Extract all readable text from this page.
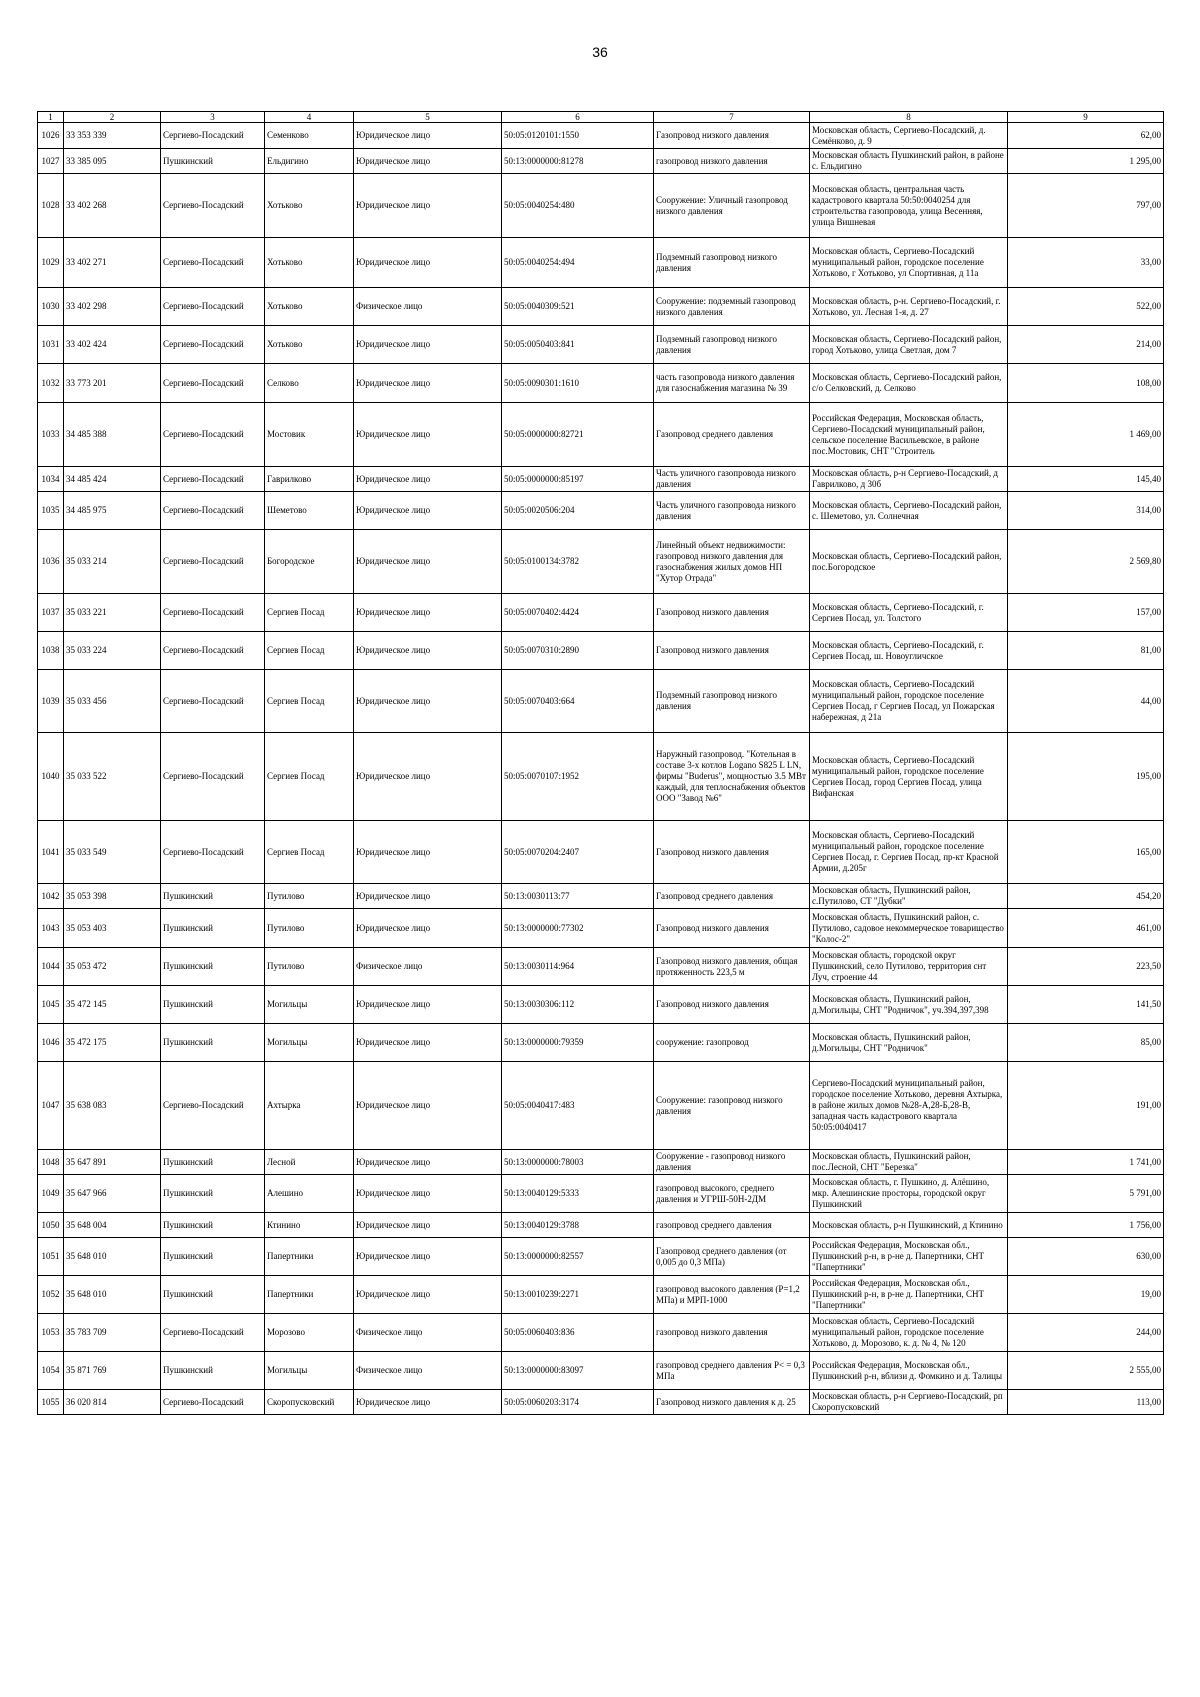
36
1	2	3	4	5	6	7	8	9
1026	33 353 339	Сергиево-Посадский	Семенково	Юридическое лицо	50:05:0120101:1550	Газопровод низкого давления	Московская область, Сергиево-Посадский, д. Семёнково, д. 9	62,00
1027	33 385 095	Пушкинский	Ельдигино	Юридическое лицо	50:13:0000000:81278	газопровод низкого давления	Московская область Пушкинский район, в районе с. Ельдигино	1 295,00
1028	33 402 268	Сергиево-Посадский	Хотьково	Юридическое лицо	50:05:0040254:480	Сооружение: Уличный газопровод низкого давления	Московская область, центральная часть кадастрового квартала 50:50:0040254 для строительства газопровода, улица Весенняя, улица Вишневая	797,00
1029	33 402 271	Сергиево-Посадский	Хотьково	Юридическое лицо	50:05:0040254:494	Подземный газопровод низкого давления	Московская область, Сергиево-Посадский муниципальный район, городское поселение Хотьково, г Хотьково, ул Спортивная, д 11а	33,00
1030	33 402 298	Сергиево-Посадский	Хотьково	Физическое лицо	50:05:0040309:521	Сооружение: подземный газопровод низкого давления	Московская область, р-н. Сергиево-Посадский, г. Хотьково, ул. Лесная 1-я, д. 27	522,00
1031	33 402 424	Сергиево-Посадский	Хотьково	Юридическое лицо	50:05:0050403:841	Подземный газопровод низкого давления	Московская область, Сергиево-Посадский район, город Хотьково, улица Светлая, дом 7	214,00
1032	33 773 201	Сергиево-Посадский	Селково	Юридическое лицо	50:05:0090301:1610	часть газопровода низкого давления для газоснабжения магазина № 39	Московская область, Сергиево-Посадский район, с/о Селковский, д. Селково	108,00
1033	34 485 388	Сергиево-Посадский	Мостовик	Юридическое лицо	50:05:0000000:82721	Газопровод среднего давления	Российская Федерация, Московская область, Сергиево-Посадский муниципальный район, сельское поселение Васильевское, в районе пос.Мостовик, СНТ "Строитель	1 469,00
1034	34 485 424	Сергиево-Посадский	Гаврилково	Юридическое лицо	50:05:0000000:85197	Часть уличного газопровода низкого давления	Московская область, р-н Сергиево-Посадский, д Гаврилково, д 30б	145,40
1035	34 485 975	Сергиево-Посадский	Шеметово	Юридическое лицо	50:05:0020506:204	Часть уличного газопровода низкого давления	Московская область, Сергиево-Посадский район, с. Шеметово, ул. Солнечная	314,00
1036	35 033 214	Сергиево-Посадский	Богородское	Юридическое лицо	50:05:0100134:3782	Линейный объект недвижимости: газопровод низкого давления для газоснабжения жилых домов НП "Хутор Отрада"	Московская область, Сергиево-Посадский район, пос.Богородское	2 569,80
1037	35 033 221	Сергиево-Посадский	Сергиев Посад	Юридическое лицо	50:05:0070402:4424	Газопровод низкого давления	Московская область, Сергиево-Посадский, г. Сергиев Посад, ул. Толстого	157,00
1038	35 033 224	Сергиево-Посадский	Сергиев Посад	Юридическое лицо	50:05:0070310:2890	Газопровод низкого давления	Московская область, Сергиево-Посадский, г. Сергиев Посад, ш. Новоугличское	81,00
1039	35 033 456	Сергиево-Посадский	Сергиев Посад	Юридическое лицо	50:05:0070403:664	Подземный газопровод низкого давления	Московская область, Сергиево-Посадский муниципальный район, городское поселение Сергиев Посад, г Сергиев Посад, ул Пожарская набережная, д 21а	44,00
1040	35 033 522	Сергиево-Посадский	Сергиев Посад	Юридическое лицо	50:05:0070107:1952	Наружный газопровод. "Котельная в составе 3-х котлов Logano S825 L LN, фирмы "Buderus", мощностью 3.5 МВт каждый, для теплоснабжения объектов ООО "Завод №6"	Московская область, Сергиево-Посадский муниципальный район, городское поселение Сергиев Посад, город Сергиев Посад, улица Вифанская	195,00
1041	35 033 549	Сергиево-Посадский	Сергиев Посад	Юридическое лицо	50:05:0070204:2407	Газопровод низкого давления	Московская область, Сергиево-Посадский муниципальный район, городское поселение Сергиев Посад, г. Сергиев Посад, пр-кт Красной Армии, д.205г	165,00
1042	35 053 398	Пушкинский	Путилово	Юридическое лицо	50:13:0030113:77	Газопровод среднего давления	Московская область, Пушкинский район, с.Путилово, СТ "Дубки"	454,20
1043	35 053 403	Пушкинский	Путилово	Юридическое лицо	50:13:0000000:77302	Газопровод низкого давления	Московская область, Пушкинский район, с. Путилово, садовое некоммерческое товарищество "Колос-2"	461,00
1044	35 053 472	Пушкинский	Путилово	Физическое лицо	50:13:0030114:964	Газопровод низкого давления, общая протяженность 223,5 м	Московская область, городской округ Пушкинский, село Путилово, территория снт Луч, строение 44	223,50
1045	35 472 145	Пушкинский	Могильцы	Юридическое лицо	50:13:0030306:112	Газопровод низкого давления	Московская область, Пушкинский район, д.Могильцы, СНТ "Родничок", уч.394,397,398	141,50
1046	35 472 175	Пушкинский	Могильцы	Юридическое лицо	50:13:0000000:79359	сооружение: газопровод	Московская область, Пушкинский район, д.Могильцы, СНТ "Родничок"	85,00
1047	35 638 083	Сергиево-Посадский	Ахтырка	Юридическое лицо	50:05:0040417:483	Сооружение: газопровод низкого давления	Сергиево-Посадский муниципальный район, городское поселение Хотьково, деревня Ахтырка, в районе жилых домов №28-А,28-Б,28-В, западная часть кадастрового квартала 50:05:0040417	191,00
1048	35 647 891	Пушкинский	Лесной	Юридическое лицо	50:13:0000000:78003	Сооружение - газопровод низкого давления	Московская область, Пушкинский район, пос.Лесной, СНТ "Березка"	1 741,00
1049	35 647 966	Пушкинский	Алешино	Юридическое лицо	50:13:0040129:5333	газопровод высокого, среднего давления и УГРШ-50Н-2ДМ	Московская область, г. Пушкино, д. Алёшино, мкр. Алешинские просторы, городской округ Пушкинский	5 791,00
1050	35 648 004	Пушкинский	Ктинино	Юридическое лицо	50:13:0040129:3788	газопровод среднего давления	Московская область, р-н Пушкинский, д Ктинино	1 756,00
1051	35 648 010	Пушкинский	Папертники	Юридическое лицо	50:13:0000000:82557	Газопровод среднего давления (от 0,005 до 0,3 МПа)	Российская Федерация, Московская обл., Пушкинский р-н, в р-не д. Папертники, СНТ "Папертники"	630,00
1052	35 648 010	Пушкинский	Папертники	Юридическое лицо	50:13:0010239:2271	газопровод высокого давления (Р=1,2 МПа) и МРП-1000	Российская Федерация, Московская обл., Пушкинский р-н, в р-не д. Папертники, СНТ "Папертники"	19,00
1053	35 783 709	Сергиево-Посадский	Морозово	Физическое лицо	50:05:0060403:836	газопровод низкого давления	Московская область, Сергиево-Посадский муниципальный район, городское поселение Хотьково, д. Морозово, к. д. № 4, № 120	244,00
1054	35 871 769	Пушкинский	Могильцы	Физическое лицо	50:13:0000000:83097	газопровод среднего давления Р< = 0,3 МПа	Российская Федерация, Московская обл., Пушкинский р-н, вблизи д. Фомкино и д. Талицы	2 555,00
1055	36 020 814	Сергиево-Посадский	Скоропусковский	Юридическое лицо	50:05:0060203:3174	Газопровод низкого давления к д. 25	Московская область, р-н Сергиево-Посадский, рп Скоропусковский	113,00
